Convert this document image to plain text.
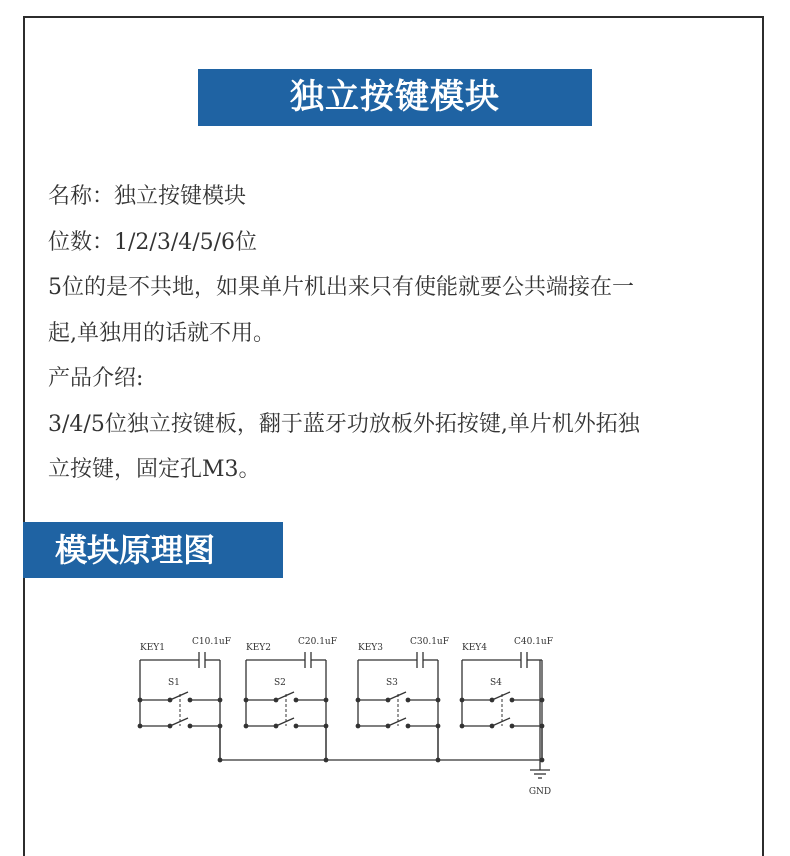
独立按键模块

名称：独立按键模块

位数：1/2/3/4/5/6位

5位的是不共地，如果单片机出来只有使能就要公共端接在一

起,单独用的话就不用。

产品介绍:

3/4/5位独立按键板，翻于蓝牙功放板外拓按键,单片机外拓独

立按键，固定孔M3。

模块原理图
KEY1
C10.1uF
S1
KEY2
C20.1uF
S2
KEY3
C30.1uF
S3
KEY4
C40.1uF
S4
GND
